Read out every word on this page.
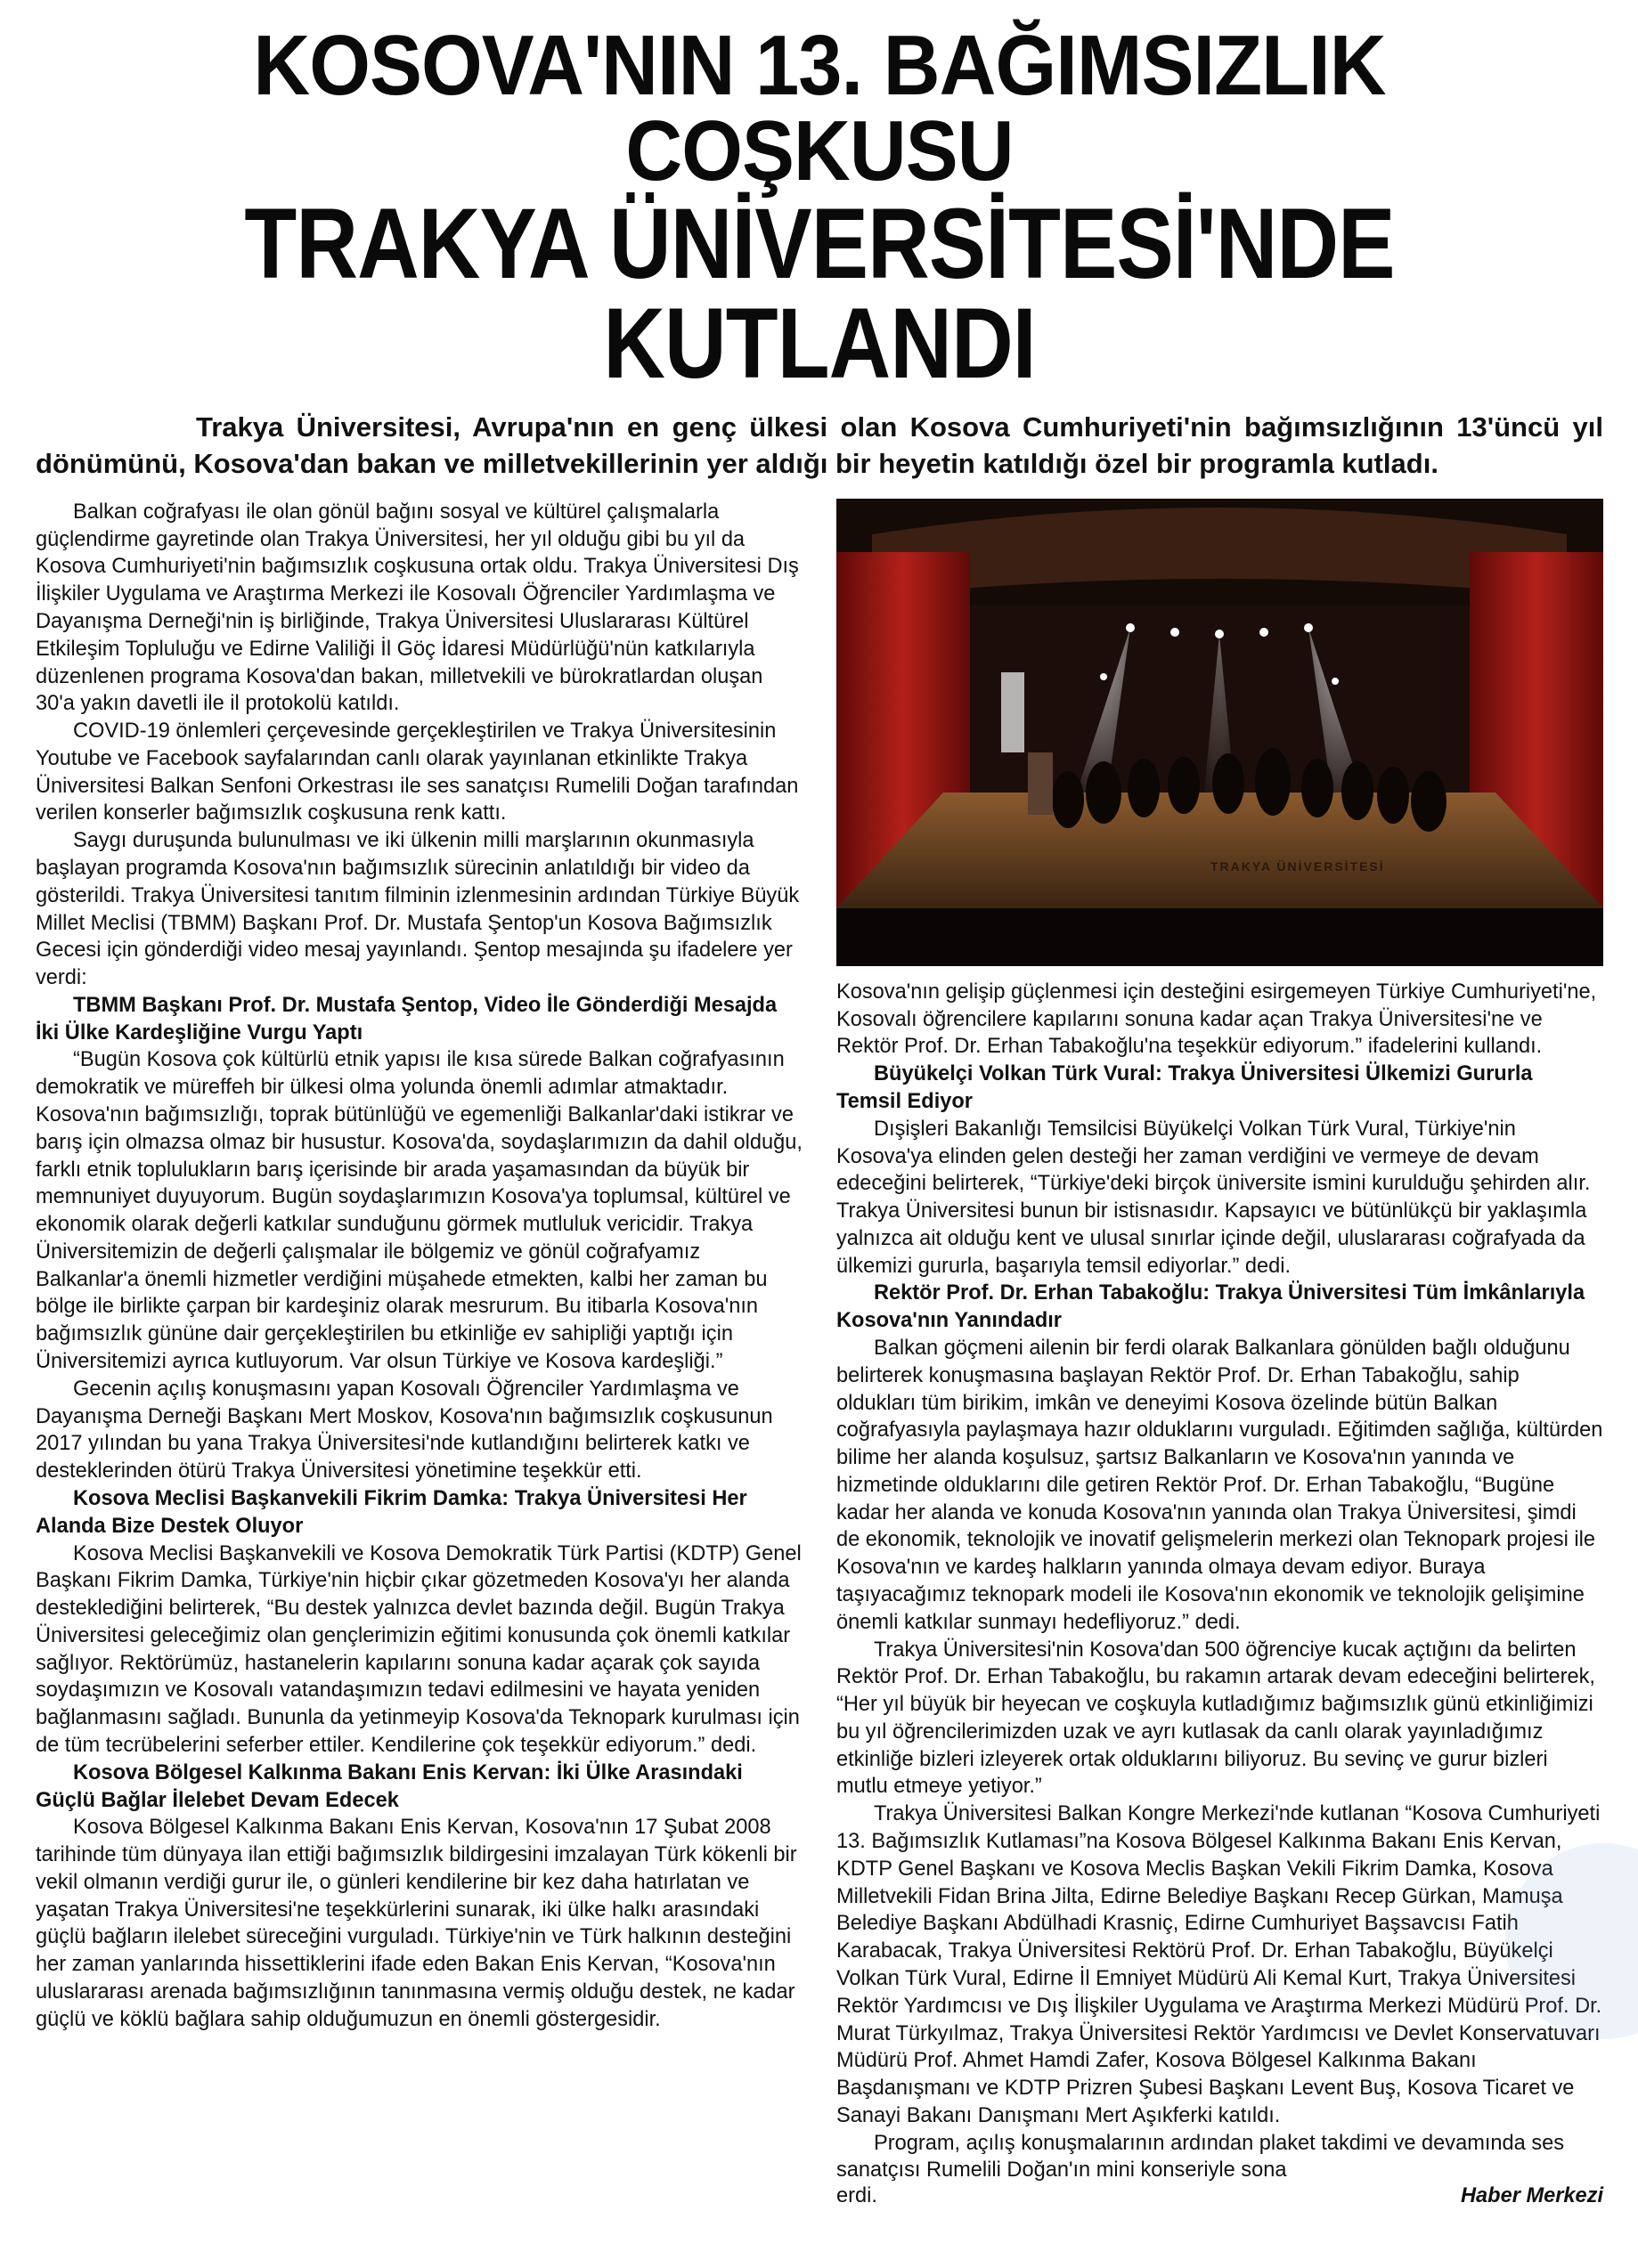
KOSOVA'NIN 13. BAĞIMSIZLIK COŞKUSU
TRAKYA ÜNİVERSİTESİ'NDE KUTLANDI

Trakya Üniversitesi, Avrupa'nın en genç ülkesi olan Kosova Cumhuriyeti'nin bağımsızlığının 13'üncü yıl dönümünü, Kosova'dan bakan ve milletvekillerinin yer aldığı bir heyetin katıldığı özel bir programla kutladı.

Balkan coğrafyası ile olan gönül bağını sosyal ve kültürel çalışmalarla güçlendirme gayretinde olan Trakya Üniversitesi, her yıl olduğu gibi bu yıl da Kosova Cumhuriyeti'nin bağımsızlık coşkusuna ortak oldu. Trakya Üniversitesi Dış İlişkiler Uygulama ve Araştırma Merkezi ile Kosovalı Öğrenciler Yardımlaşma ve Dayanışma Derneği'nin iş birliğinde, Trakya Üniversitesi Uluslararası Kültürel Etkileşim Topluluğu ve Edirne Valiliği İl Göç İdaresi Müdürlüğü'nün katkılarıyla düzenlenen programa Kosova'dan bakan, milletvekili ve bürokratlardan oluşan 30'a yakın davetli ile il protokolü katıldı.

COVID-19 önlemleri çerçevesinde gerçekleştirilen ve Trakya Üniversitesinin Youtube ve Facebook sayfalarından canlı olarak yayınlanan etkinlikte Trakya Üniversitesi Balkan Senfoni Orkestrası ile ses sanatçısı Rumelili Doğan tarafından verilen konserler bağımsızlık coşkusuna renk kattı.

Saygı duruşunda bulunulması ve iki ülkenin milli marşlarının okunmasıyla başlayan programda Kosova'nın bağımsızlık sürecinin anlatıldığı bir video da gösterildi. Trakya Üniversitesi tanıtım filminin izlenmesinin ardından Türkiye Büyük Millet Meclisi (TBMM) Başkanı Prof. Dr. Mustafa Şentop'un Kosova Bağımsızlık Gecesi için gönderdiği video mesaj yayınlandı. Şentop mesajında şu ifadelere yer verdi:

TBMM Başkanı Prof. Dr. Mustafa Şentop, Video İle Gönderdiği Mesajda İki Ülke Kardeşliğine Vurgu Yaptı

“Bugün Kosova çok kültürlü etnik yapısı ile kısa sürede Balkan coğrafyasının demokratik ve müreffeh bir ülkesi olma yolunda önemli adımlar atmaktadır. Kosova'nın bağımsızlığı, toprak bütünlüğü ve egemenliği Balkanlar'daki istikrar ve barış için olmazsa olmaz bir husustur. Kosova'da, soydaşlarımızın da dahil olduğu, farklı etnik toplulukların barış içerisinde bir arada yaşamasından da büyük bir memnuniyet duyuyorum. Bugün soydaşlarımızın Kosova'ya toplumsal, kültürel ve ekonomik olarak değerli katkılar sunduğunu görmek mutluluk vericidir. Trakya Üniversitemizin de değerli çalışmalar ile bölgemiz ve gönül coğrafyamız Balkanlar'a önemli hizmetler verdiğini müşahede etmekten, kalbi her zaman bu bölge ile birlikte çarpan bir kardeşiniz olarak mesrurum. Bu itibarla Kosova'nın bağımsızlık gününe dair gerçekleştirilen bu etkinliğe ev sahipliği yaptığı için Üniversitemizi ayrıca kutluyorum. Var olsun Türkiye ve Kosova kardeşliği.”

Gecenin açılış konuşmasını yapan Kosovalı Öğrenciler Yardımlaşma ve Dayanışma Derneği Başkanı Mert Moskov, Kosova'nın bağımsızlık coşkusunun 2017 yılından bu yana Trakya Üniversitesi'nde kutlandığını belirterek katkı ve desteklerinden ötürü Trakya Üniversitesi yönetimine teşekkür etti.

Kosova Meclisi Başkanvekili Fikrim Damka: Trakya Üniversitesi Her Alanda Bize Destek Oluyor

Kosova Meclisi Başkanvekili ve Kosova Demokratik Türk Partisi (KDTP) Genel Başkanı Fikrim Damka, Türkiye'nin hiçbir çıkar gözetmeden Kosova'yı her alanda desteklediğini belirterek, “Bu destek yalnızca devlet bazında değil. Bugün Trakya Üniversitesi geleceğimiz olan gençlerimizin eğitimi konusunda çok önemli katkılar sağlıyor. Rektörümüz, hastanelerin kapılarını sonuna kadar açarak çok sayıda soydaşımızın ve Kosovalı vatandaşımızın tedavi edilmesini ve hayata yeniden bağlanmasını sağladı. Bununla da yetinmeyip Kosova'da Teknopark kurulması için de tüm tecrübelerini seferber ettiler. Kendilerine çok teşekkür ediyorum.” dedi.

Kosova Bölgesel Kalkınma Bakanı Enis Kervan: İki Ülke Arasındaki Güçlü Bağlar İlelebet Devam Edecek

Kosova Bölgesel Kalkınma Bakanı Enis Kervan, Kosova'nın 17 Şubat 2008 tarihinde tüm dünyaya ilan ettiği bağımsızlık bildirgesini imzalayan Türk kökenli bir vekil olmanın verdiği gurur ile, o günleri kendilerine bir kez daha hatırlatan ve yaşatan Trakya Üniversitesi'ne teşekkürlerini sunarak, iki ülke halkı arasındaki güçlü bağların ilelebet süreceğini vurguladı. Türkiye'nin ve Türk halkının desteğini her zaman yanlarında hissettiklerini ifade eden Bakan Enis Kervan, “Kosova'nın uluslararası arenada bağımsızlığının tanınmasına vermiş olduğu destek, ne kadar güçlü ve köklü bağlara sahip olduğumuzun en önemli göstergesidir.

TRAKYA ÜNİVERSİTESİ

Kosova'nın gelişip güçlenmesi için desteğini esirgemeyen Türkiye Cumhuriyeti'ne, Kosovalı öğrencilere kapılarını sonuna kadar açan Trakya Üniversitesi'ne ve Rektör Prof. Dr. Erhan Tabakoğlu'na teşekkür ediyorum.” ifadelerini kullandı.

Büyükelçi Volkan Türk Vural: Trakya Üniversitesi Ülkemizi Gururla Temsil Ediyor

Dışişleri Bakanlığı Temsilcisi Büyükelçi Volkan Türk Vural, Türkiye'nin Kosova'ya elinden gelen desteği her zaman verdiğini ve vermeye de devam edeceğini belirterek, “Türkiye'deki birçok üniversite ismini kurulduğu şehirden alır. Trakya Üniversitesi bunun bir istisnasıdır. Kapsayıcı ve bütünlükçü bir yaklaşımla yalnızca ait olduğu kent ve ulusal sınırlar içinde değil, uluslararası coğrafyada da ülkemizi gururla, başarıyla temsil ediyorlar.” dedi.

Rektör Prof. Dr. Erhan Tabakoğlu: Trakya Üniversitesi Tüm İmkânlarıyla Kosova'nın Yanındadır

Balkan göçmeni ailenin bir ferdi olarak Balkanlara gönülden bağlı olduğunu belirterek konuşmasına başlayan Rektör Prof. Dr. Erhan Tabakoğlu, sahip oldukları tüm birikim, imkân ve deneyimi Kosova özelinde bütün Balkan coğrafyasıyla paylaşmaya hazır olduklarını vurguladı. Eğitimden sağlığa, kültürden bilime her alanda koşulsuz, şartsız Balkanların ve Kosova'nın yanında ve hizmetinde olduklarını dile getiren Rektör Prof. Dr. Erhan Tabakoğlu, “Bugüne kadar her alanda ve konuda Kosova'nın yanında olan Trakya Üniversitesi, şimdi de ekonomik, teknolojik ve inovatif gelişmelerin merkezi olan Teknopark projesi ile Kosova'nın ve kardeş halkların yanında olmaya devam ediyor. Buraya taşıyacağımız teknopark modeli ile Kosova'nın ekonomik ve teknolojik gelişimine önemli katkılar sunmayı hedefliyoruz.” dedi.

Trakya Üniversitesi'nin Kosova'dan 500 öğrenciye kucak açtığını da belirten Rektör Prof. Dr. Erhan Tabakoğlu, bu rakamın artarak devam edeceğini belirterek, “Her yıl büyük bir heyecan ve coşkuyla kutladığımız bağımsızlık günü etkinliğimizi bu yıl öğrencilerimizden uzak ve ayrı kutlasak da canlı olarak yayınladığımız etkinliğe bizleri izleyerek ortak olduklarını biliyoruz. Bu sevinç ve gurur bizleri mutlu etmeye yetiyor.”

Trakya Üniversitesi Balkan Kongre Merkezi'nde kutlanan “Kosova Cumhuriyeti 13. Bağımsızlık Kutlaması”na Kosova Bölgesel Kalkınma Bakanı Enis Kervan, KDTP Genel Başkanı ve Kosova Meclis Başkan Vekili Fikrim Damka, Kosova Milletvekili Fidan Brina Jilta, Edirne Belediye Başkanı Recep Gürkan, Mamuşa Belediye Başkanı Abdülhadi Krasniç, Edirne Cumhuriyet Başsavcısı Fatih Karabacak, Trakya Üniversitesi Rektörü Prof. Dr. Erhan Tabakoğlu, Büyükelçi Volkan Türk Vural, Edirne İl Emniyet Müdürü Ali Kemal Kurt, Trakya Üniversitesi Rektör Yardımcısı ve Dış İlişkiler Uygulama ve Araştırma Merkezi Müdürü Prof. Dr. Murat Türkyılmaz, Trakya Üniversitesi Rektör Yardımcısı ve Devlet Konservatuvarı Müdürü Prof. Ahmet Hamdi Zafer, Kosova Bölgesel Kalkınma Bakanı Başdanışmanı ve KDTP Prizren Şubesi Başkanı Levent Buş, Kosova Ticaret ve Sanayi Bakanı Danışmanı Mert Aşıkferki katıldı.

Program, açılış konuşmalarının ardından plaket takdimi ve devamında ses sanatçısı Rumelili Doğan'ın mini konseriyle sona

erdi.	Haber Merkezi
